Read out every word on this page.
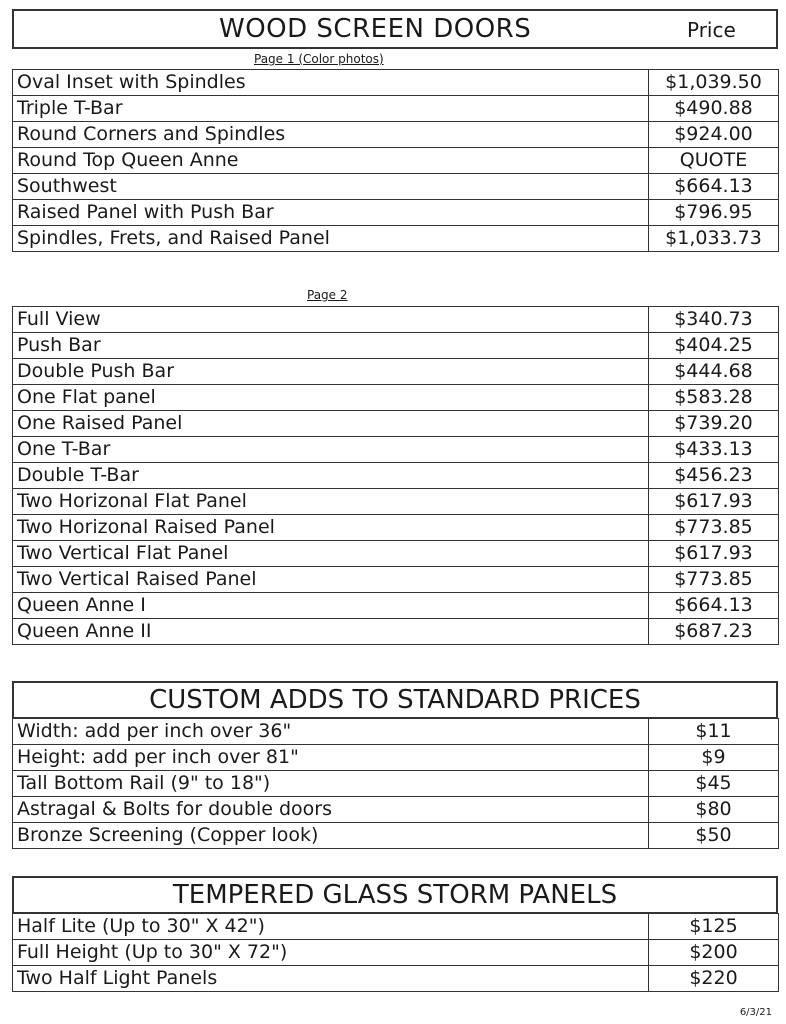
WOOD SCREEN DOORS	Price
Page 1 (Color photos)
Oval Inset with Spindles	$1,039.50
Triple T-Bar	$490.88
Round Corners and Spindles	$924.00
Round Top Queen Anne	QUOTE
Southwest	$664.13
Raised Panel with Push Bar	$796.95
Spindles, Frets, and Raised Panel	$1,033.73
Page 2
Full View	$340.73
Push Bar	$404.25
Double Push Bar	$444.68
One Flat panel	$583.28
One Raised Panel	$739.20
One T-Bar	$433.13
Double T-Bar	$456.23
Two Horizonal Flat Panel	$617.93
Two Horizonal Raised Panel	$773.85
Two Vertical Flat Panel	$617.93
Two Vertical Raised Panel	$773.85
Queen Anne I	$664.13
Queen Anne II	$687.23
CUSTOM ADDS TO STANDARD PRICES
Width: add per inch over 36"	$11
Height: add per inch over 81"	$9
Tall Bottom Rail (9" to 18")	$45
Astragal & Bolts for double doors	$80
Bronze Screening (Copper look)	$50
TEMPERED GLASS STORM PANELS
Half Lite (Up to 30" X 42")	$125
Full Height (Up to 30" X 72")	$200
Two Half Light Panels	$220
6/3/21
